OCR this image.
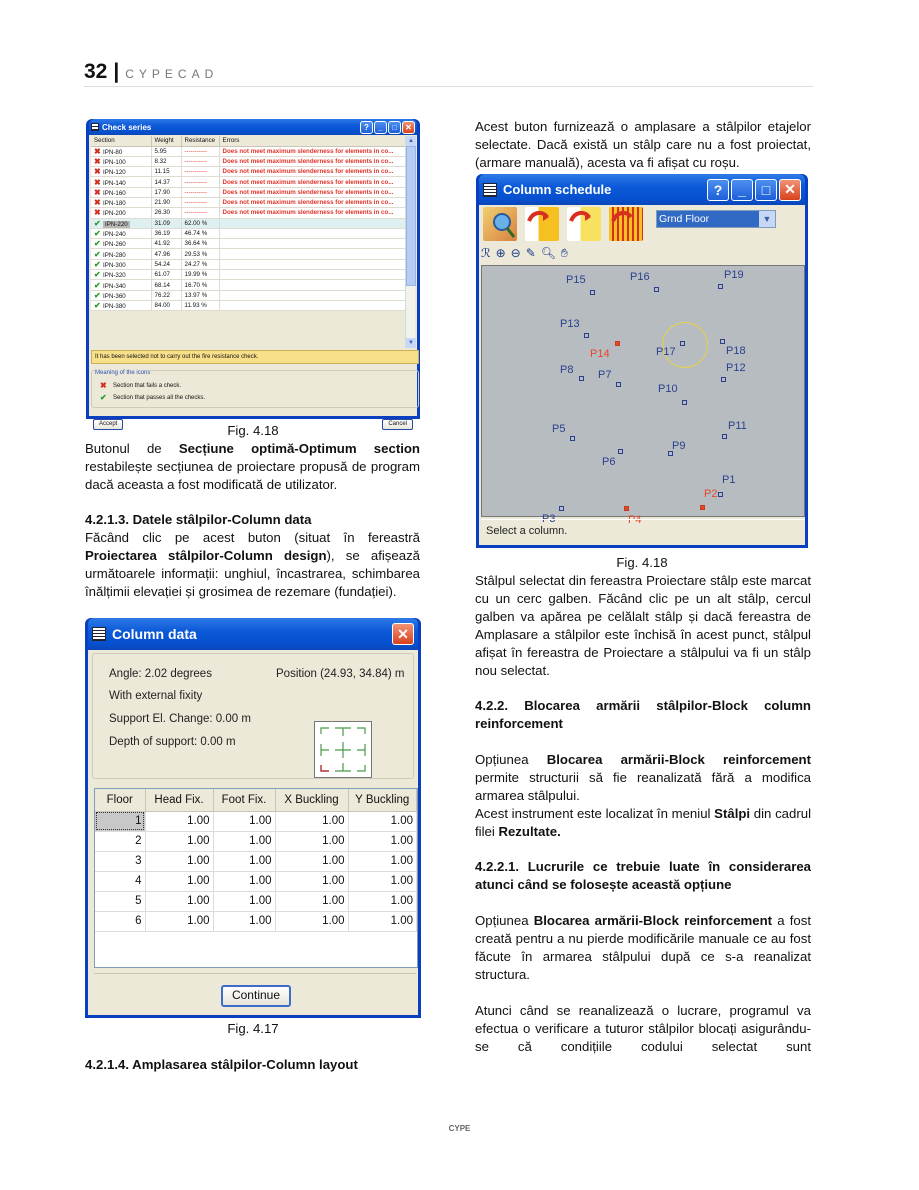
32 | CYPECAD
Check series	?	_	□	✕
Section	Weight	Resistance	Errors
✖ IPN-80	5.95	-----------	Does not meet maximum slenderness for elements in co...
✖ IPN-100	8.32	-----------	Does not meet maximum slenderness for elements in co...
✖ IPN-120	11.15	-----------	Does not meet maximum slenderness for elements in co...
✖ IPN-140	14.37	-----------	Does not meet maximum slenderness for elements in co...
✖ IPN-160	17.90	-----------	Does not meet maximum slenderness for elements in co...
✖ IPN-180	21.90	-----------	Does not meet maximum slenderness for elements in co...
✖ IPN-200	26.30	-----------	Does not meet maximum slenderness for elements in co...
✔ IPN-220	31.09	62.00 %	
✔ IPN-240	36.19	46.74 %	
✔ IPN-260	41.92	36.64 %	
✔ IPN-280	47.96	29.53 %	
✔ IPN-300	54.24	24.27 %	
✔ IPN-320	61.07	19.99 %	
✔ IPN-340	68.14	16.70 %	
✔ IPN-360	76.22	13.97 %	
✔ IPN-380	84.00	11.93 %	
▲
▼
It has been selected not to carry out the fire resistance check.
Meaning of the icons
✖	Section that fails a check.
✔	Section that passes all the checks.
Accept	Cancel
Fig. 4.18
Butonul de Secțiune optimă-Optimum section restabilește secțiunea de proiectare propusă de program dacă aceasta a fost modificată de utilizator.
4.2.1.3. Datele stâlpilor-Column data
Făcând clic pe acest buton (situat în fereastră Proiectarea stâlpilor-Column design), se afișează următoarele informații: unghiul, încastrarea, schimbarea înălțimii elevației și grosimea de rezemare (fundației).
Column data	✕
Angle: 2.02 degrees	Position (24.93, 34.84) m
With external fixity
Support El. Change: 0.00 m
Depth of support: 0.00 m
Floor	Head Fix.	Foot Fix.	X Buckling	Y Buckling
1	1.00	1.00	1.00	1.00
2	1.00	1.00	1.00	1.00
3	1.00	1.00	1.00	1.00
4	1.00	1.00	1.00	1.00
5	1.00	1.00	1.00	1.00
6	1.00	1.00	1.00	1.00
Continue
Fig. 4.17
4.2.1.4. Amplasarea stâlpilor-Column layout
Acest buton furnizează o amplasare a stâlpilor etajelor selectate. Dacă există un stâlp care nu a fost proiectat, (armare manuală), acesta va fi afișat cu roșu.
Column schedule	?	_	□ ✕
Grnd Floor	▼
ℛ ⊕ ⊖ ✎ 🔍︎ ✋︎
P15	P16	P19
P13
P14	P17	P18
P8 P7
P12
P10
P5	P11
P9
P6
P1
P2
P3	P4
Select a column.
Fig. 4.18
Stâlpul selectat din fereastra Proiectare stâlp este marcat cu un cerc galben. Făcând clic pe un alt stâlp, cercul galben va apărea pe celălalt stâlp și dacă fereastra de Amplasare a stâlpilor este închisă în acest punct, stâlpul afișat în fereastra de Proiectare a stâlpului va fi un stâlp nou selectat.
4.2.2. Blocarea armării stâlpilor-Block column reinforcement
Opțiunea Blocarea armării-Block reinforcement permite structurii să fie reanalizată fără a modifica armarea stâlpului.
Acest instrument este localizat în meniul Stâlpi din cadrul filei Rezultate.
4.2.2.1. Lucrurile ce trebuie luate în considerarea atunci când se folosește această opțiune
Opțiunea Blocarea armării-Block reinforcement a fost creată pentru a nu pierde modificările manuale ce au fost făcute în armarea stâlpului după ce s-a reanalizat structura.
Atunci când se reanalizează o lucrare, programul va efectua o verificare a tuturor stâlpilor blocați asigurându-se că condițiile codului selectat sunt
CYPE
